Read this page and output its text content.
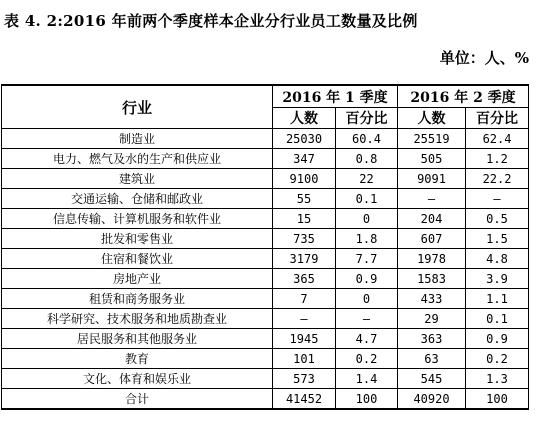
表 4. 2:2016 年前两个季度样本企业分行业员工数量及比例
单位：人、%
行业	2016 年 1 季度		2016 年 2 季度	
	人数	百分比	人数	百分比
制造业	25030	60.4	25519	62.4
电力、燃气及水的生产和供应业	347	0.8	505	1.2
建筑业	9100	22	9091	22.2
交通运输、仓储和邮政业	55	0.1	—	—
信息传输、计算机服务和软件业	15	0	204	0.5
批发和零售业	735	1.8	607	1.5
住宿和餐饮业	3179	7.7	1978	4.8
房地产业	365	0.9	1583	3.9
租赁和商务服务业	7	0	433	1.1
科学研究、技术服务和地质勘查业	—	—	29	0.1
居民服务和其他服务业	1945	4.7	363	0.9
教育	101	0.2	63	0.2
文化、体育和娱乐业	573	1.4	545	1.3
合计	41452	100	40920	100
